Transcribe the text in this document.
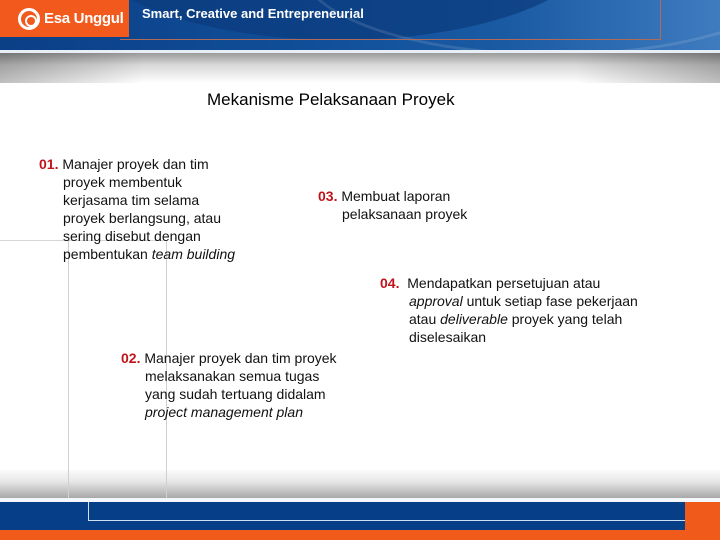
Esa Unggul Smart, Creative and Entrepreneurial
Mekanisme Pelaksanaan Proyek
01. Manajer proyek dan tim
proyek membentuk
kerjasama tim selama
proyek berlangsung, atau
sering disebut dengan
pembentukan team building
03. Membuat laporan
pelaksanaan proyek
04. Mendapatkan persetujuan atau
approval untuk setiap fase pekerjaan
atau deliverable proyek yang telah
diselesaikan
02. Manajer proyek dan tim proyek
melaksanakan semua tugas
yang sudah tertuang didalam
project management plan
